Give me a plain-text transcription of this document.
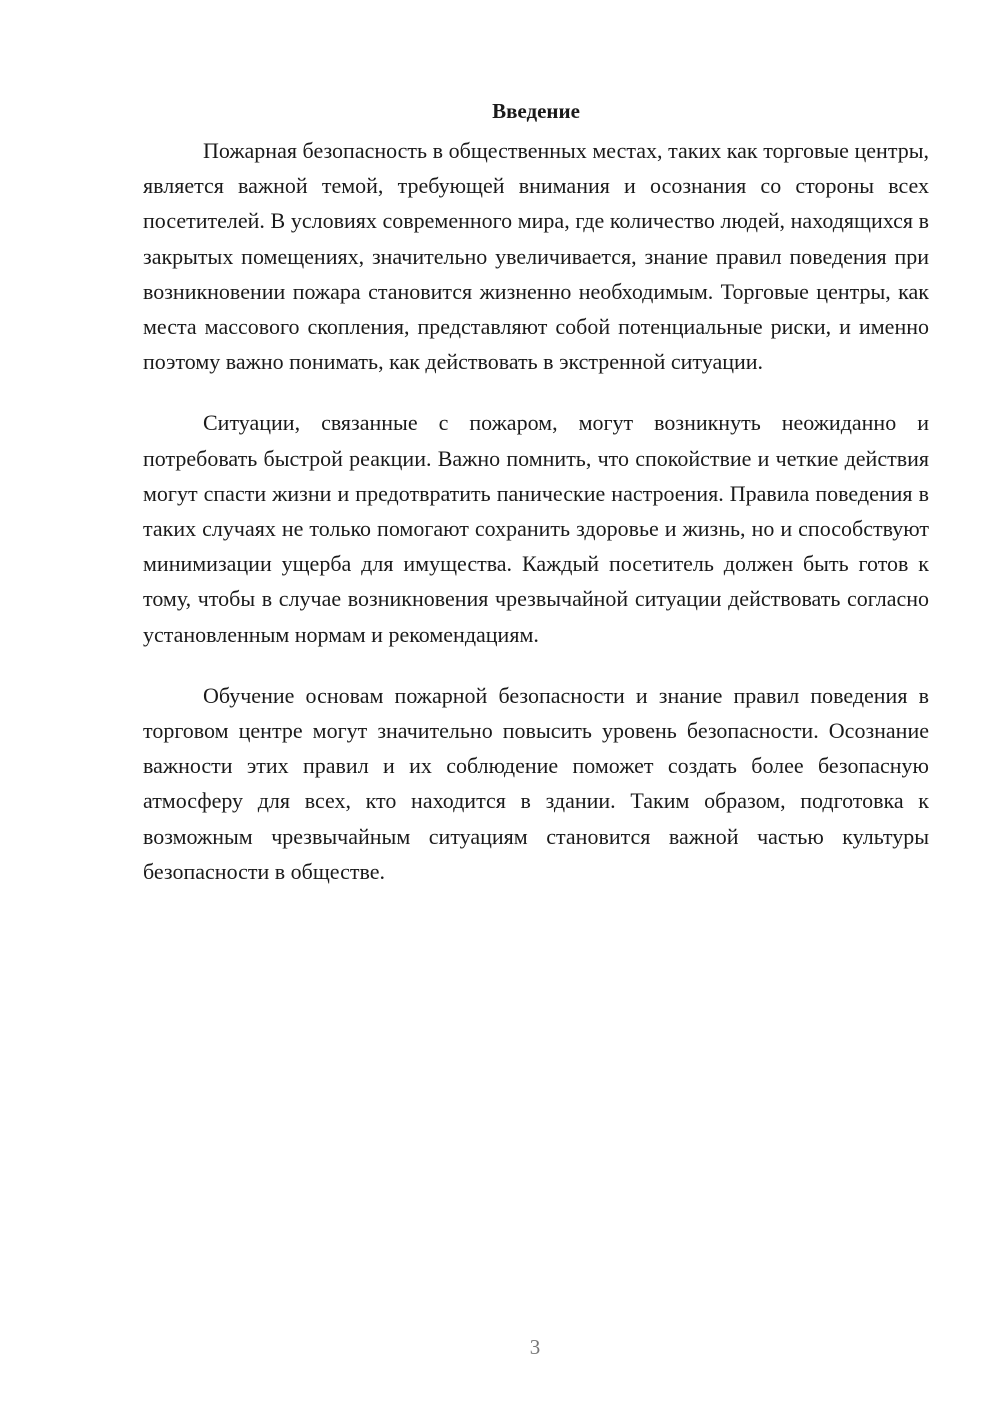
Введение

Пожарная безопасность в общественных местах, таких как торговые центры, является важной темой, требующей внимания и осознания со стороны всех посетителей. В условиях современного мира, где количество людей, находящихся в закрытых помещениях, значительно увеличивается, знание правил поведения при возникновении пожара становится жизненно необходимым. Торговые центры, как места массового скопления, представляют собой потенциальные риски, и именно поэтому важно понимать, как действовать в экстренной ситуации.

Ситуации, связанные с пожаром, могут возникнуть неожиданно и потребовать быстрой реакции. Важно помнить, что спокойствие и четкие действия могут спасти жизни и предотвратить панические настроения. Правила поведения в таких случаях не только помогают сохранить здоровье и жизнь, но и способствуют минимизации ущерба для имущества. Каждый посетитель должен быть готов к тому, чтобы в случае возникновения чрезвычайной ситуации действовать согласно установленным нормам и рекомендациям.

Обучение основам пожарной безопасности и знание правил поведения в торговом центре могут значительно повысить уровень безопасности. Осознание важности этих правил и их соблюдение поможет создать более безопасную атмосферу для всех, кто находится в здании. Таким образом, подготовка к возможным чрезвычайным ситуациям становится важной частью культуры безопасности в обществе.

3
